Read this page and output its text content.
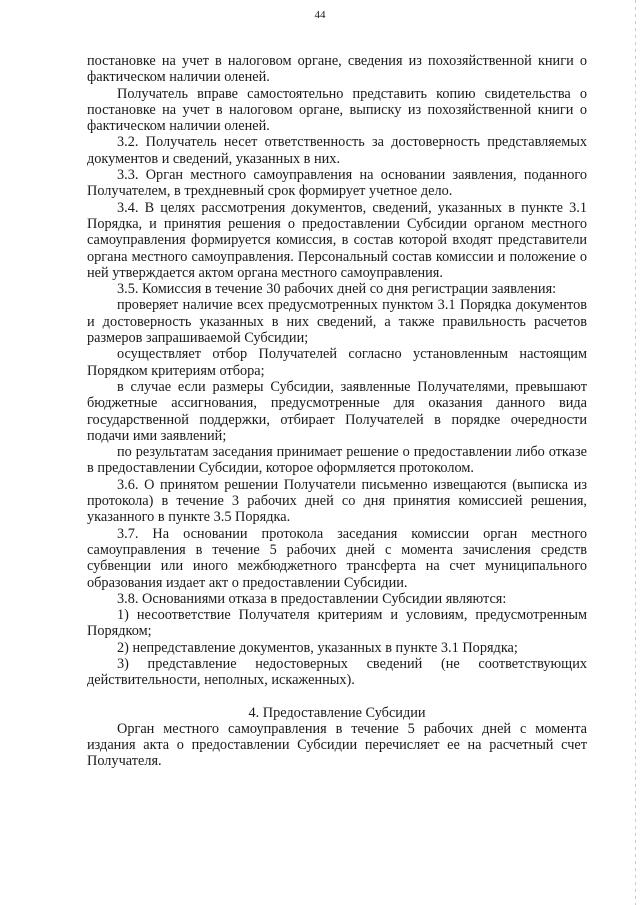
44

постановке на учет в налоговом органе, сведения из похозяйственной книги о фактическом наличии оленей.

Получатель вправе самостоятельно представить копию свидетельства о постановке на учет в налоговом органе, выписку из похозяйственной книги о фактическом наличии оленей.

3.2. Получатель несет ответственность за достоверность представляемых документов и сведений, указанных в них.

3.3. Орган местного самоуправления на основании заявления, поданного Получателем, в трехдневный срок формирует учетное дело.

3.4. В целях рассмотрения документов, сведений, указанных в пункте 3.1 Порядка, и принятия решения о предоставлении Субсидии органом местного самоуправления формируется комиссия, в состав которой входят представители органа местного самоуправления. Персональный состав комиссии и положение о ней утверждается актом органа местного самоуправления.

3.5. Комиссия в течение 30 рабочих дней со дня регистрации заявления:

проверяет наличие всех предусмотренных пунктом 3.1 Порядка документов и достоверность указанных в них сведений, а также правильность расчетов размеров запрашиваемой Субсидии;

осуществляет отбор Получателей согласно установленным настоящим Порядком критериям отбора;

в случае если размеры Субсидии, заявленные Получателями, превышают бюджетные ассигнования, предусмотренные для оказания данного вида государственной поддержки, отбирает Получателей в порядке очередности подачи ими заявлений;

по результатам заседания принимает решение о предоставлении либо отказе в предоставлении Субсидии, которое оформляется протоколом.

3.6. О принятом решении Получатели письменно извещаются (выписка из протокола) в течение 3 рабочих дней со дня принятия комиссией решения, указанного в пункте 3.5 Порядка.

3.7. На основании протокола заседания комиссии орган местного самоуправления в течение 5 рабочих дней с момента зачисления средств субвенции или иного межбюджетного трансферта на счет муниципального образования издает акт о предоставлении Субсидии.

3.8. Основаниями отказа в предоставлении Субсидии являются:

1) несоответствие Получателя критериям и условиям, предусмотренным Порядком;

2) непредставление документов, указанных в пункте 3.1 Порядка;

3) представление недостоверных сведений (не соответствующих действительности, неполных, искаженных).

4. Предоставление Субсидии

Орган местного самоуправления в течение 5 рабочих дней с момента издания акта о предоставлении Субсидии перечисляет ее на расчетный счет Получателя.
